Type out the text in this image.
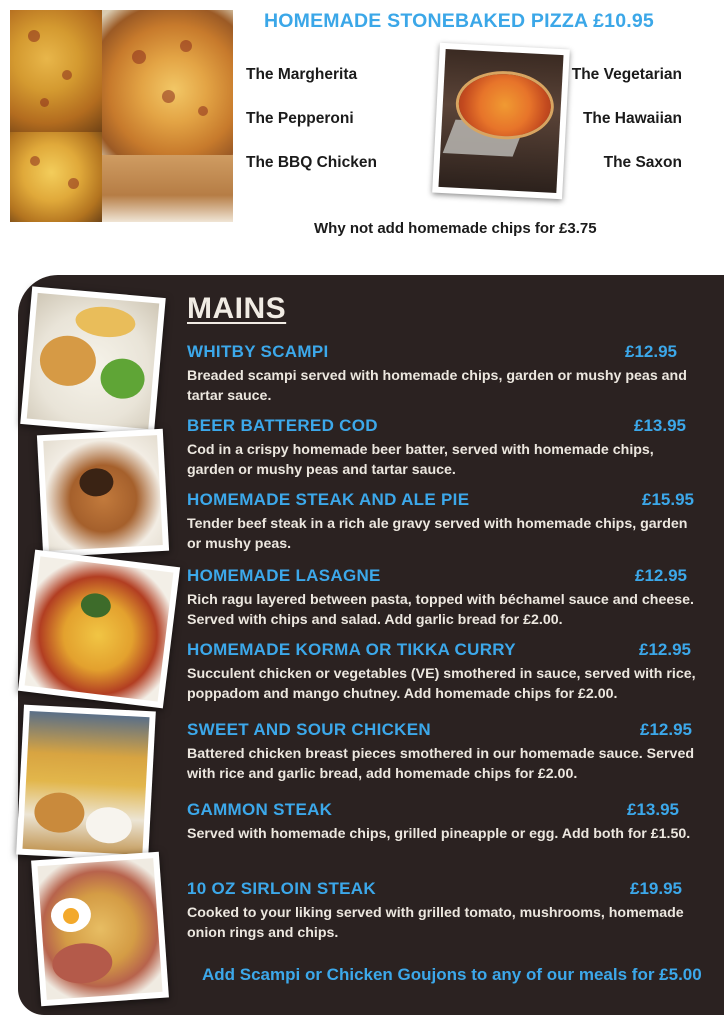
HOMEMADE STONEBAKED PIZZA £10.95
The Margherita
The Pepperoni
The BBQ Chicken
The Vegetarian
The Hawaiian
The Saxon
Why not add homemade chips for £3.75
MAINS
WHITBY SCAMPI	£12.95
Breaded scampi served with homemade chips, garden or mushy peas and tartar sauce.
BEER BATTERED COD	£13.95
Cod in a crispy homemade beer batter, served with homemade chips, garden or mushy peas and tartar sauce.
HOMEMADE STEAK AND ALE PIE	£15.95
Tender beef steak in a rich ale gravy served with homemade chips, garden or mushy peas.
HOMEMADE LASAGNE	£12.95
Rich ragu layered between pasta, topped with béchamel sauce and cheese. Served with chips and salad. Add garlic bread for £2.00.
HOMEMADE KORMA OR TIKKA CURRY	£12.95
Succulent chicken or vegetables (VE) smothered in sauce, served with rice, poppadom and mango chutney. Add homemade chips for £2.00.
SWEET AND SOUR CHICKEN	£12.95
Battered chicken breast pieces smothered in our homemade sauce. Served with rice and garlic bread, add homemade chips for £2.00.
GAMMON STEAK	£13.95
Served with homemade chips, grilled pineapple or egg. Add both for £1.50.
10 OZ SIRLOIN STEAK	£19.95
Cooked to your liking served with grilled tomato, mushrooms, homemade onion rings and chips.
Add Scampi or Chicken Goujons to any of our meals for £5.00
